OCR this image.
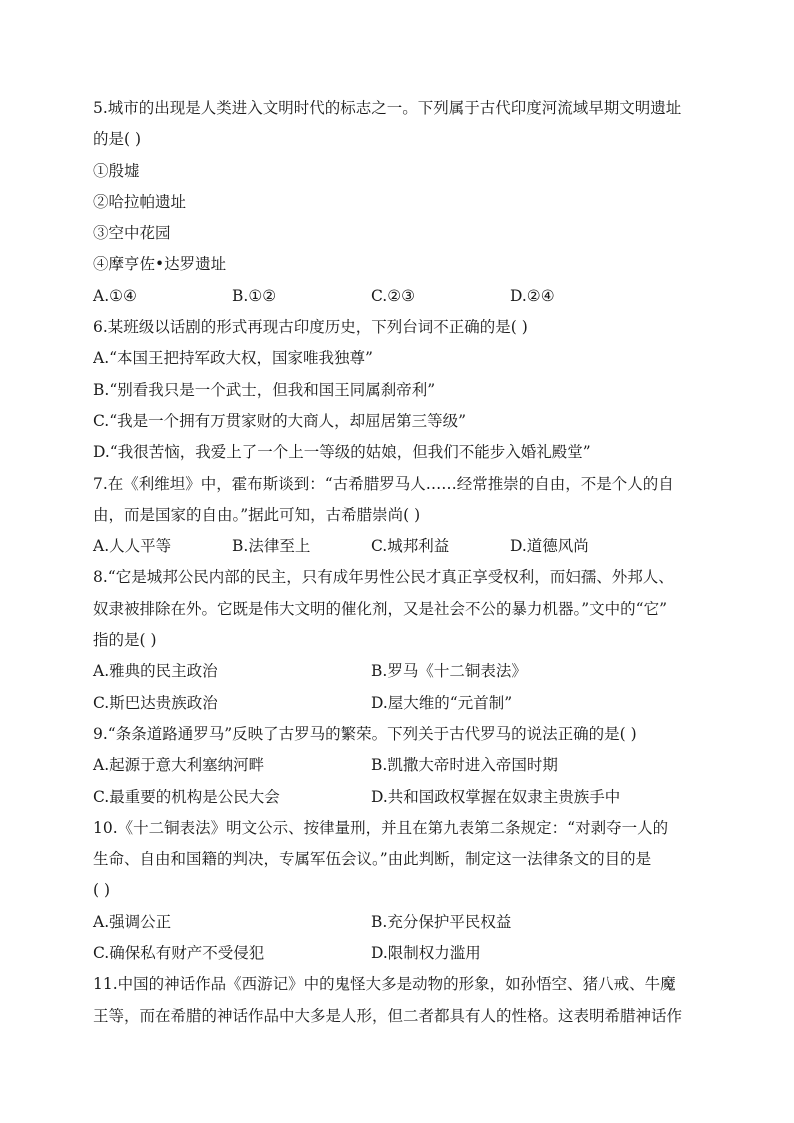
5.城市的出现是人类进入文明时代的标志之一。下列属于古代印度河流域早期文明遗址
的是( )
①殷墟
②哈拉帕遗址
③空中花园
④摩亨佐•达罗遗址
A.①④	B.①②	C.②③	D.②④
6.某班级以话剧的形式再现古印度历史，下列台词不正确的是( )
A.“本国王把持军政大权，国家唯我独尊”
B.“别看我只是一个武士，但我和国王同属刹帝利”
C.“我是一个拥有万贯家财的大商人，却屈居第三等级”
D.“我很苦恼，我爱上了一个上一等级的姑娘，但我们不能步入婚礼殿堂”
7.在《利维坦》中，霍布斯谈到：“古希腊罗马人……经常推崇的自由，不是个人的自
由，而是国家的自由。”据此可知，古希腊崇尚( )
A.人人平等	B.法律至上	C.城邦利益	D.道德风尚
8.“它是城邦公民内部的民主，只有成年男性公民才真正享受权利，而妇孺、外邦人、
奴隶被排除在外。它既是伟大文明的催化剂，又是社会不公的暴力机器。”文中的“它”
指的是( )
A.雅典的民主政治	B.罗马《十二铜表法》
C.斯巴达贵族政治	D.屋大维的“元首制”
9.“条条道路通罗马”反映了古罗马的繁荣。下列关于古代罗马的说法正确的是( )
A.起源于意大利塞纳河畔	B.凯撒大帝时进入帝国时期
C.最重要的机构是公民大会	D.共和国政权掌握在奴隶主贵族手中
10.《十二铜表法》明文公示、按律量刑，并且在第九表第二条规定：“对剥夺一人的
生命、自由和国籍的判决，专属军伍会议。”由此判断，制定这一法律条文的目的是
( )
A.强调公正	B.充分保护平民权益
C.确保私有财产不受侵犯	D.限制权力滥用
11.中国的神话作品《西游记》中的鬼怪大多是动物的形象，如孙悟空、猪八戒、牛魔
王等，而在希腊的神话作品中大多是人形，但二者都具有人的性格。这表明希腊神话作
